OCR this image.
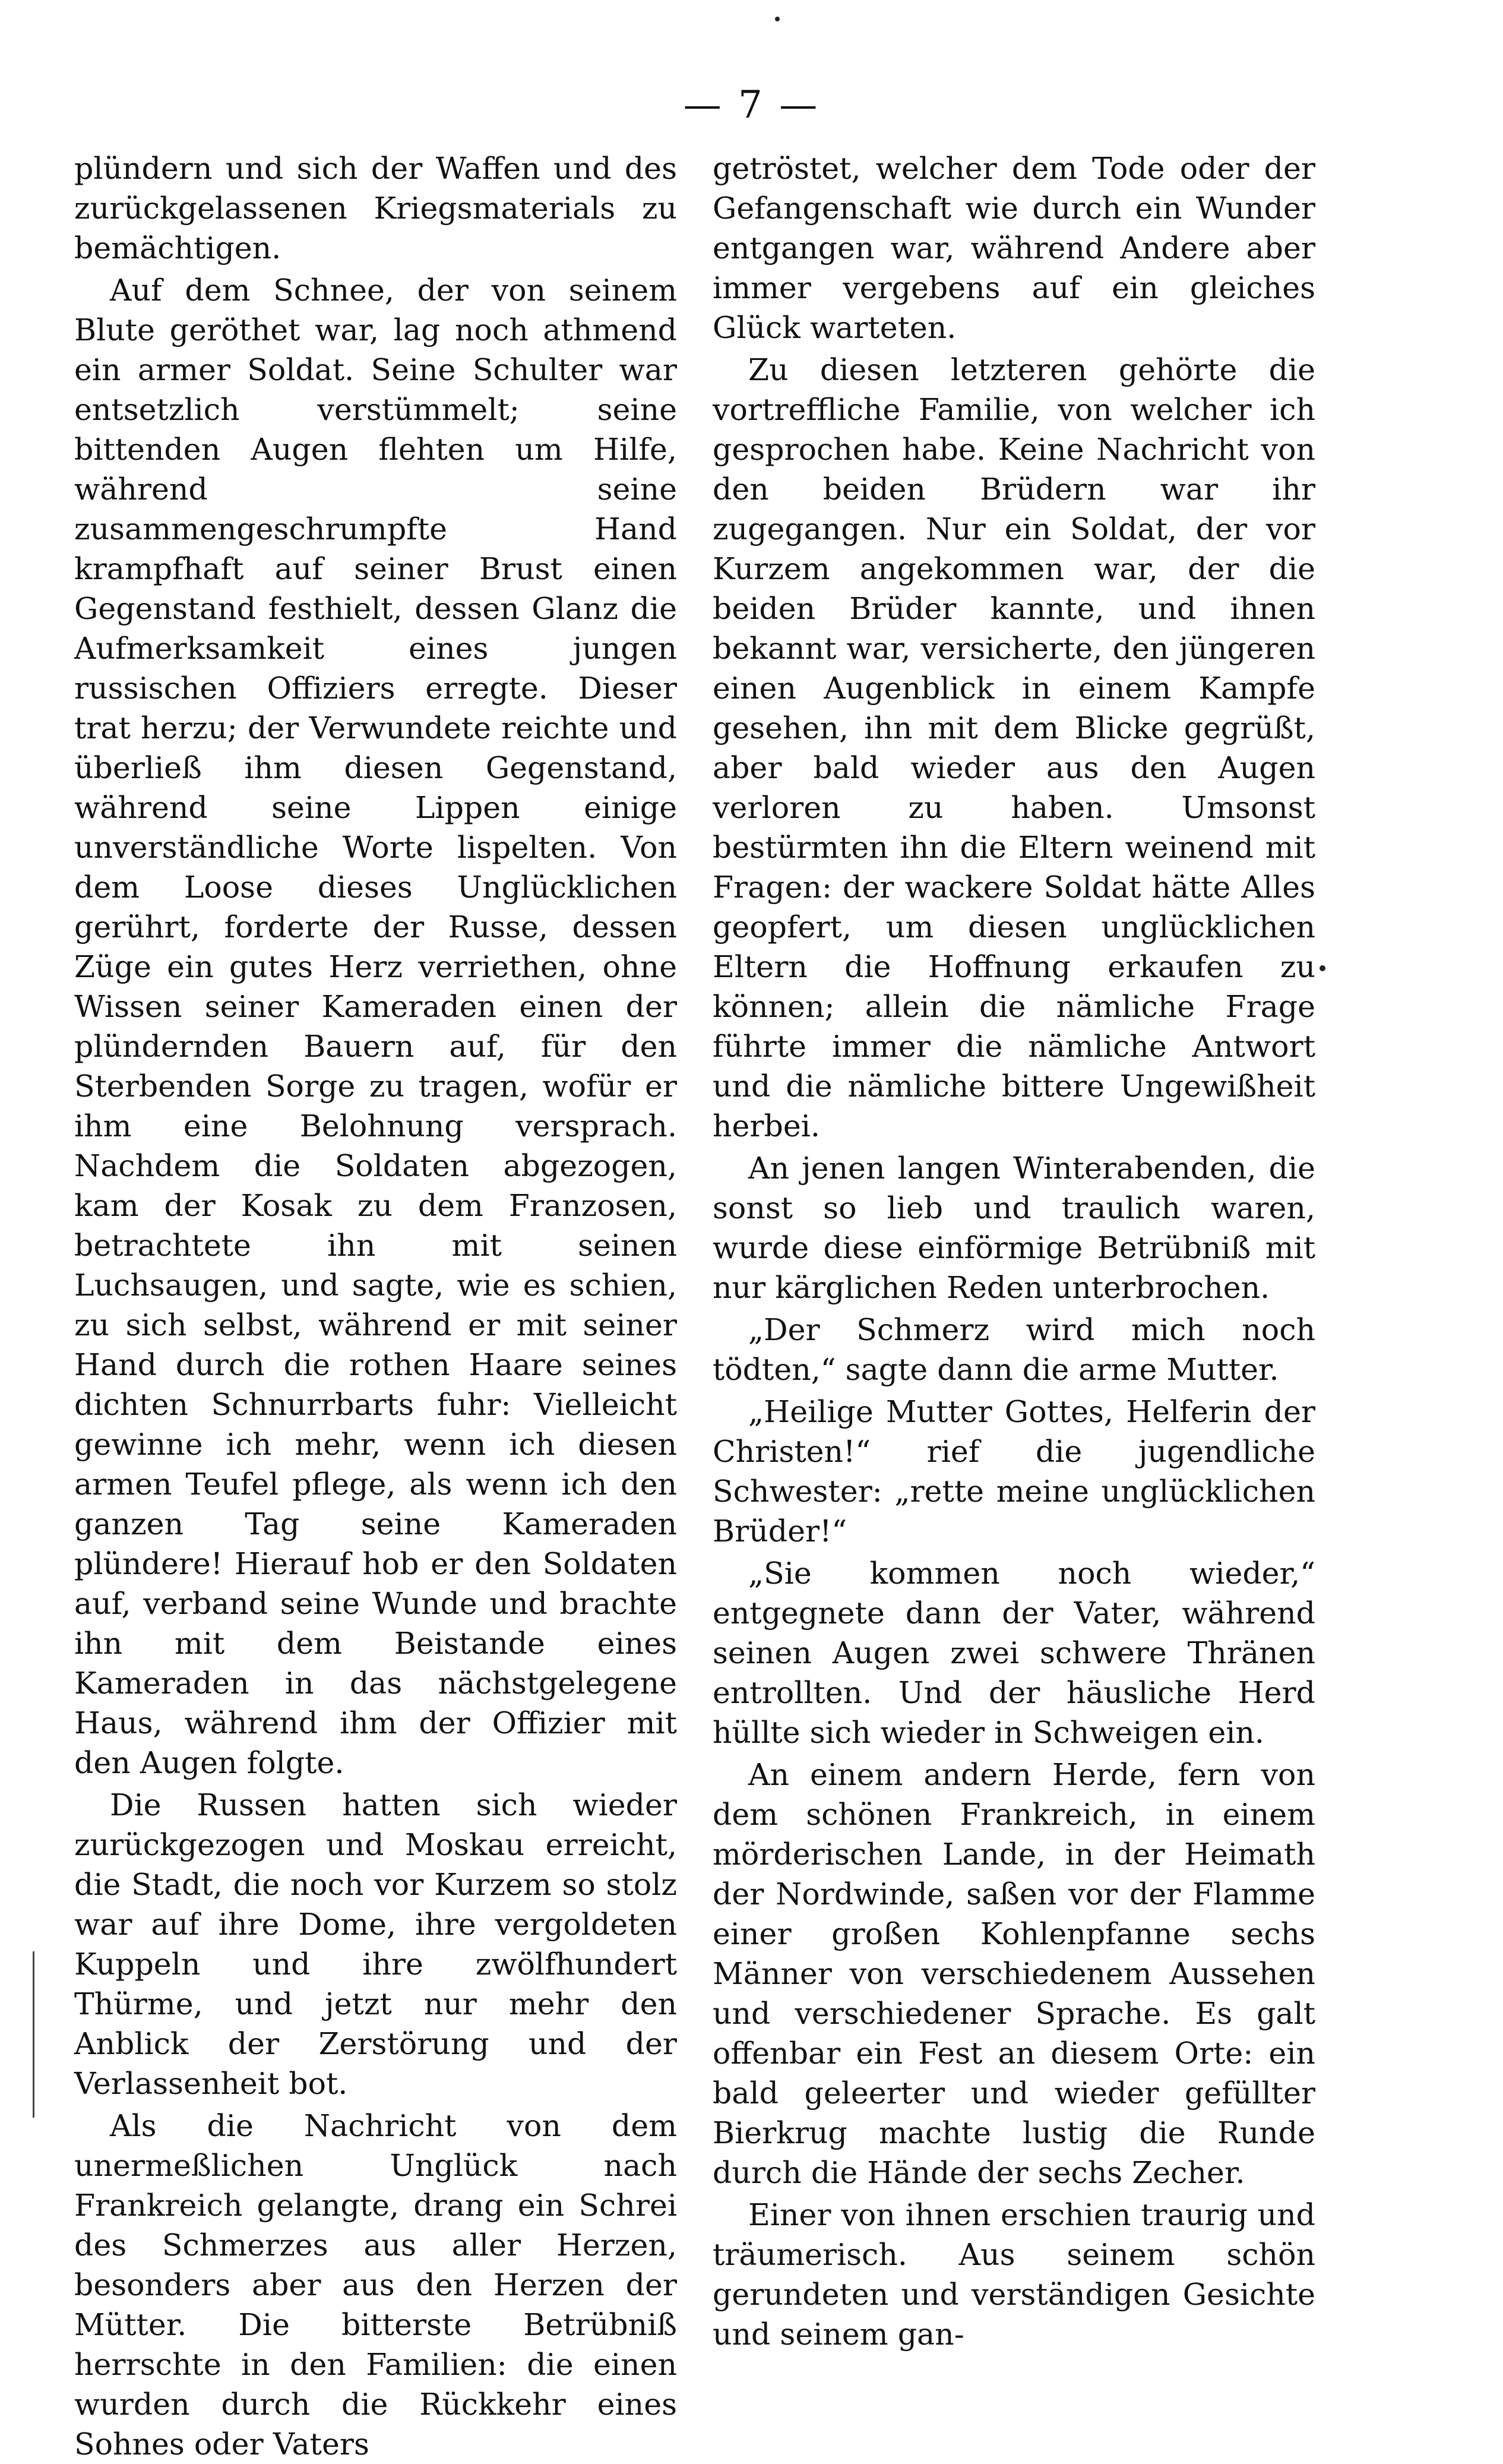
— 7 —

plündern und sich der Waffen und des zurückgelassenen Kriegsmaterials zu bemächtigen.

Auf dem Schnee, der von seinem Blute geröthet war, lag noch athmend ein armer Soldat. Seine Schulter war entsetzlich verstümmelt; seine bittenden Augen flehten um Hilfe, während seine zusammengeschrumpfte Hand krampfhaft auf seiner Brust einen Gegenstand festhielt, dessen Glanz die Aufmerksamkeit eines jungen russischen Offiziers erregte. Dieser trat herzu; der Verwundete reichte und überließ ihm diesen Gegenstand, während seine Lippen einige unverständliche Worte lispelten. Von dem Loose dieses Unglücklichen gerührt, forderte der Russe, dessen Züge ein gutes Herz verriethen, ohne Wissen seiner Kameraden einen der plündernden Bauern auf, für den Sterbenden Sorge zu tragen, wofür er ihm eine Belohnung versprach. Nachdem die Soldaten abgezogen, kam der Kosak zu dem Franzosen, betrachtete ihn mit seinen Luchsaugen, und sagte, wie es schien, zu sich selbst, während er mit seiner Hand durch die rothen Haare seines dichten Schnurrbarts fuhr: Vielleicht gewinne ich mehr, wenn ich diesen armen Teufel pflege, als wenn ich den ganzen Tag seine Kameraden plündere! Hierauf hob er den Soldaten auf, verband seine Wunde und brachte ihn mit dem Beistande eines Kameraden in das nächstgelegene Haus, während ihm der Offizier mit den Augen folgte.

Die Russen hatten sich wieder zurückgezogen und Moskau erreicht, die Stadt, die noch vor Kurzem so stolz war auf ihre Dome, ihre vergoldeten Kuppeln und ihre zwölfhundert Thürme, und jetzt nur mehr den Anblick der Zerstörung und der Verlassenheit bot.

Als die Nachricht von dem unermeßlichen Unglück nach Frankreich gelangte, drang ein Schrei des Schmerzes aus aller Herzen, besonders aber aus den Herzen der Mütter. Die bitterste Betrübniß herrschte in den Familien: die einen wurden durch die Rückkehr eines Sohnes oder Vaters

getröstet, welcher dem Tode oder der Gefangenschaft wie durch ein Wunder entgangen war, während Andere aber immer vergebens auf ein gleiches Glück warteten.

Zu diesen letzteren gehörte die vortreffliche Familie, von welcher ich gesprochen habe. Keine Nachricht von den beiden Brüdern war ihr zugegangen. Nur ein Soldat, der vor Kurzem angekommen war, der die beiden Brüder kannte, und ihnen bekannt war, versicherte, den jüngeren einen Augenblick in einem Kampfe gesehen, ihn mit dem Blicke gegrüßt, aber bald wieder aus den Augen verloren zu haben. Umsonst bestürmten ihn die Eltern weinend mit Fragen: der wackere Soldat hätte Alles geopfert, um diesen unglücklichen Eltern die Hoffnung erkaufen zu können; allein die nämliche Frage führte immer die nämliche Antwort und die nämliche bittere Ungewißheit herbei.

An jenen langen Winterabenden, die sonst so lieb und traulich waren, wurde diese einförmige Betrübniß mit nur kärglichen Reden unterbrochen.

„Der Schmerz wird mich noch tödten,“ sagte dann die arme Mutter.

„Heilige Mutter Gottes, Helferin der Christen!“ rief die jugendliche Schwester: „rette meine unglücklichen Brüder!“

„Sie kommen noch wieder,“ entgegnete dann der Vater, während seinen Augen zwei schwere Thränen entrollten. Und der häusliche Herd hüllte sich wieder in Schweigen ein.

An einem andern Herde, fern von dem schönen Frankreich, in einem mörderischen Lande, in der Heimath der Nordwinde, saßen vor der Flamme einer großen Kohlenpfanne sechs Männer von verschiedenem Aussehen und verschiedener Sprache. Es galt offenbar ein Fest an diesem Orte: ein bald geleerter und wieder gefüllter Bierkrug machte lustig die Runde durch die Hände der sechs Zecher.

Einer von ihnen erschien traurig und träumerisch. Aus seinem schön gerundeten und verständigen Gesichte und seinem gan-
